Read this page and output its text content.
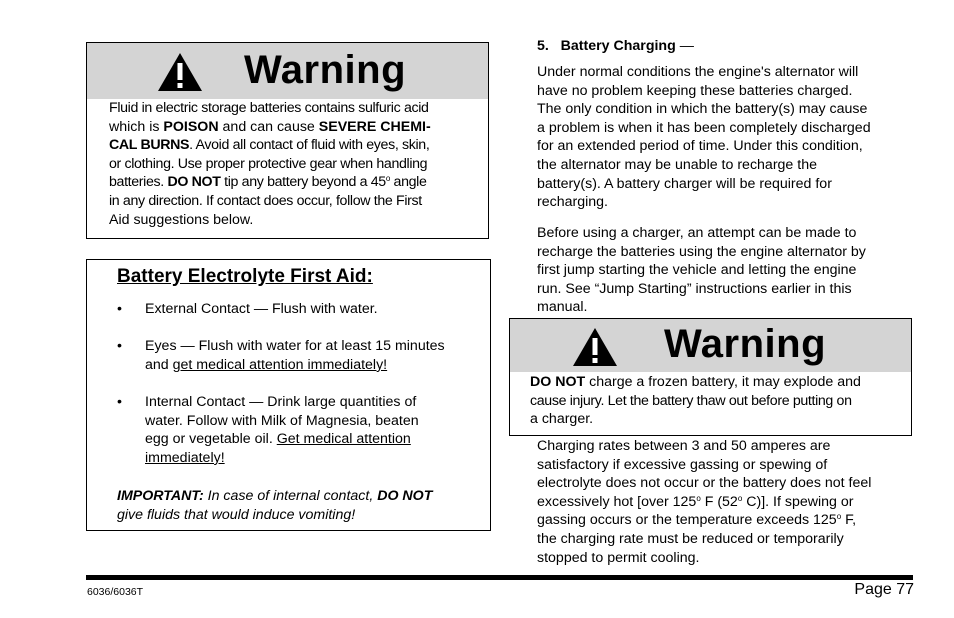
Warning

Fluid in electric storage batteries contains sulfuric acid

which is POISON and can cause SEVERE CHEMI-

CAL BURNS. Avoid all contact of fluid with eyes, skin,

or clothing. Use proper protective gear when handling

batteries. DO NOT tip any battery beyond a 45$^o$ angle

in any direction. If contact does occur, follow the First

Aid suggestions below.

Battery Electrolyte First Aid:
• External Contact — Flush with water.
• Eyes — Flush with water for at least 15 minutes

and get medical attention immediately!

• Internal Contact — Drink large quantities of

water. Follow with Milk of Magnesia, beaten

egg or vegetable oil. Get medical attention

immediately!

IMPORTANT: In case of internal contact, DO NOT

give fluids that would induce vomiting!

5. Battery Charging —

Under normal conditions the engine's alternator will

have no problem keeping these batteries charged.

The only condition in which the battery(s) may cause

a problem is when it has been completely discharged

for an extended period of time. Under this condition,

the alternator may be unable to recharge the

battery(s). A battery charger will be required for

recharging.

Before using a charger, an attempt can be made to

recharge the batteries using the engine alternator by

first jump starting the vehicle and letting the engine

run. See “Jump Starting” instructions earlier in this

manual.

Warning

DO NOT charge a frozen battery, it may explode and

cause injury. Let the battery thaw out before putting on

a charger.

Charging rates between 3 and 50 amperes are

satisfactory if excessive gassing or spewing of

electrolyte does not occur or the battery does not feel

excessively hot [over 125$^o$ F (52$^o$ C)]. If spewing or

gassing occurs or the temperature exceeds 125$^o$ F,

the charging rate must be reduced or temporarily

stopped to permit cooling.

6036/6036T	Page 77
